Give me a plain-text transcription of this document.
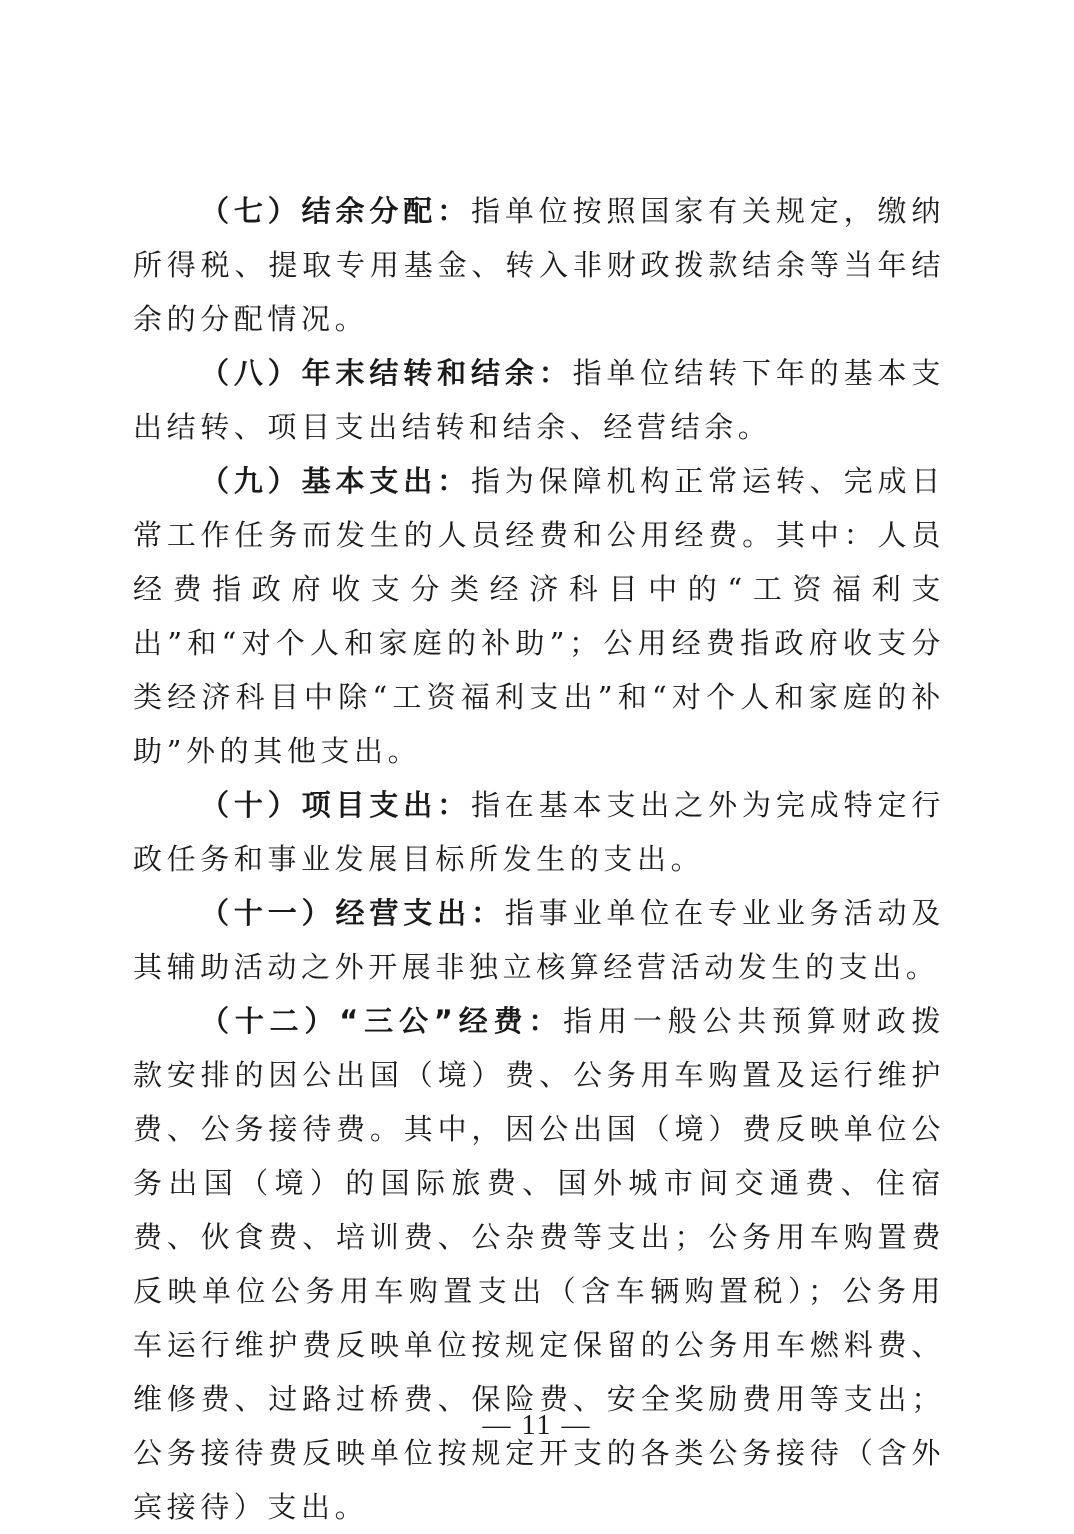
（七）结余分配：指单位按照国家有关规定，缴纳所得税、提取专用基金、转入非财政拨款结余等当年结余的分配情况。

（八）年末结转和结余：指单位结转下年的基本支出结转、项目支出结转和结余、经营结余。

（九）基本支出：指为保障机构正常运转、完成日常工作任务而发生的人员经费和公用经费。其中：人员经费指政府收支分类经济科目中的“工资福利支出”和“对个人和家庭的补助”；公用经费指政府收支分类经济科目中除“工资福利支出”和“对个人和家庭的补助”外的其他支出。

（十）项目支出：指在基本支出之外为完成特定行政任务和事业发展目标所发生的支出。

（十一）经营支出：指事业单位在专业业务活动及其辅助活动之外开展非独立核算经营活动发生的支出。

（十二）“三公”经费：指用一般公共预算财政拨款安排的因公出国（境）费、公务用车购置及运行维护费、公务接待费。其中，因公出国（境）费反映单位公务出国（境）的国际旅费、国外城市间交通费、住宿费、伙食费、培训费、公杂费等支出；公务用车购置费反映单位公务用车购置支出（含车辆购置税）；公务用车运行维护费反映单位按规定保留的公务用车燃料费、维修费、过路过桥费、保险费、安全奖励费用等支出；公务接待费反映单位按规定开支的各类公务接待（含外宾接待）支出。

— 11 —
